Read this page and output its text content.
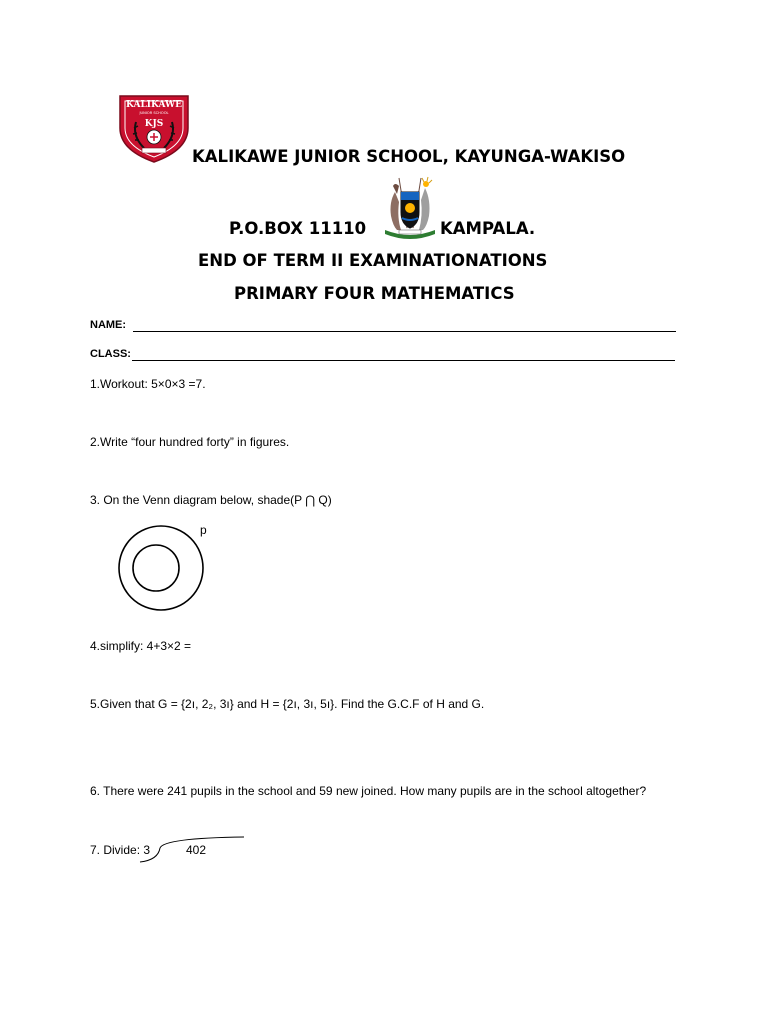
KALIKAWE
JUNIOR SCHOOL
KJS
KALIKAWE JUNIOR SCHOOL, KAYUNGA-WAKISO
P.O.BOX 11110	KAMPALA.
END OF TERM II EXAMINATIONATIONS
PRIMARY FOUR MATHEMATICS
NAME:
CLASS:
1.Workout: 5×0×3 =7.
2.Write “four hundred forty” in figures.
3. On the Venn diagram below, shade(P ⋂ Q)
p
4.simplify: 4+3×2 =
5.Given that G = {2ı, 2₂, 3ı} and H = {2ı, 3ı, 5ı}. Find the G.C.F of H and G.
6. There were 241 pupils in the school and 59 new joined. How many pupils are in the school altogether?
7. Divide: 3	402
